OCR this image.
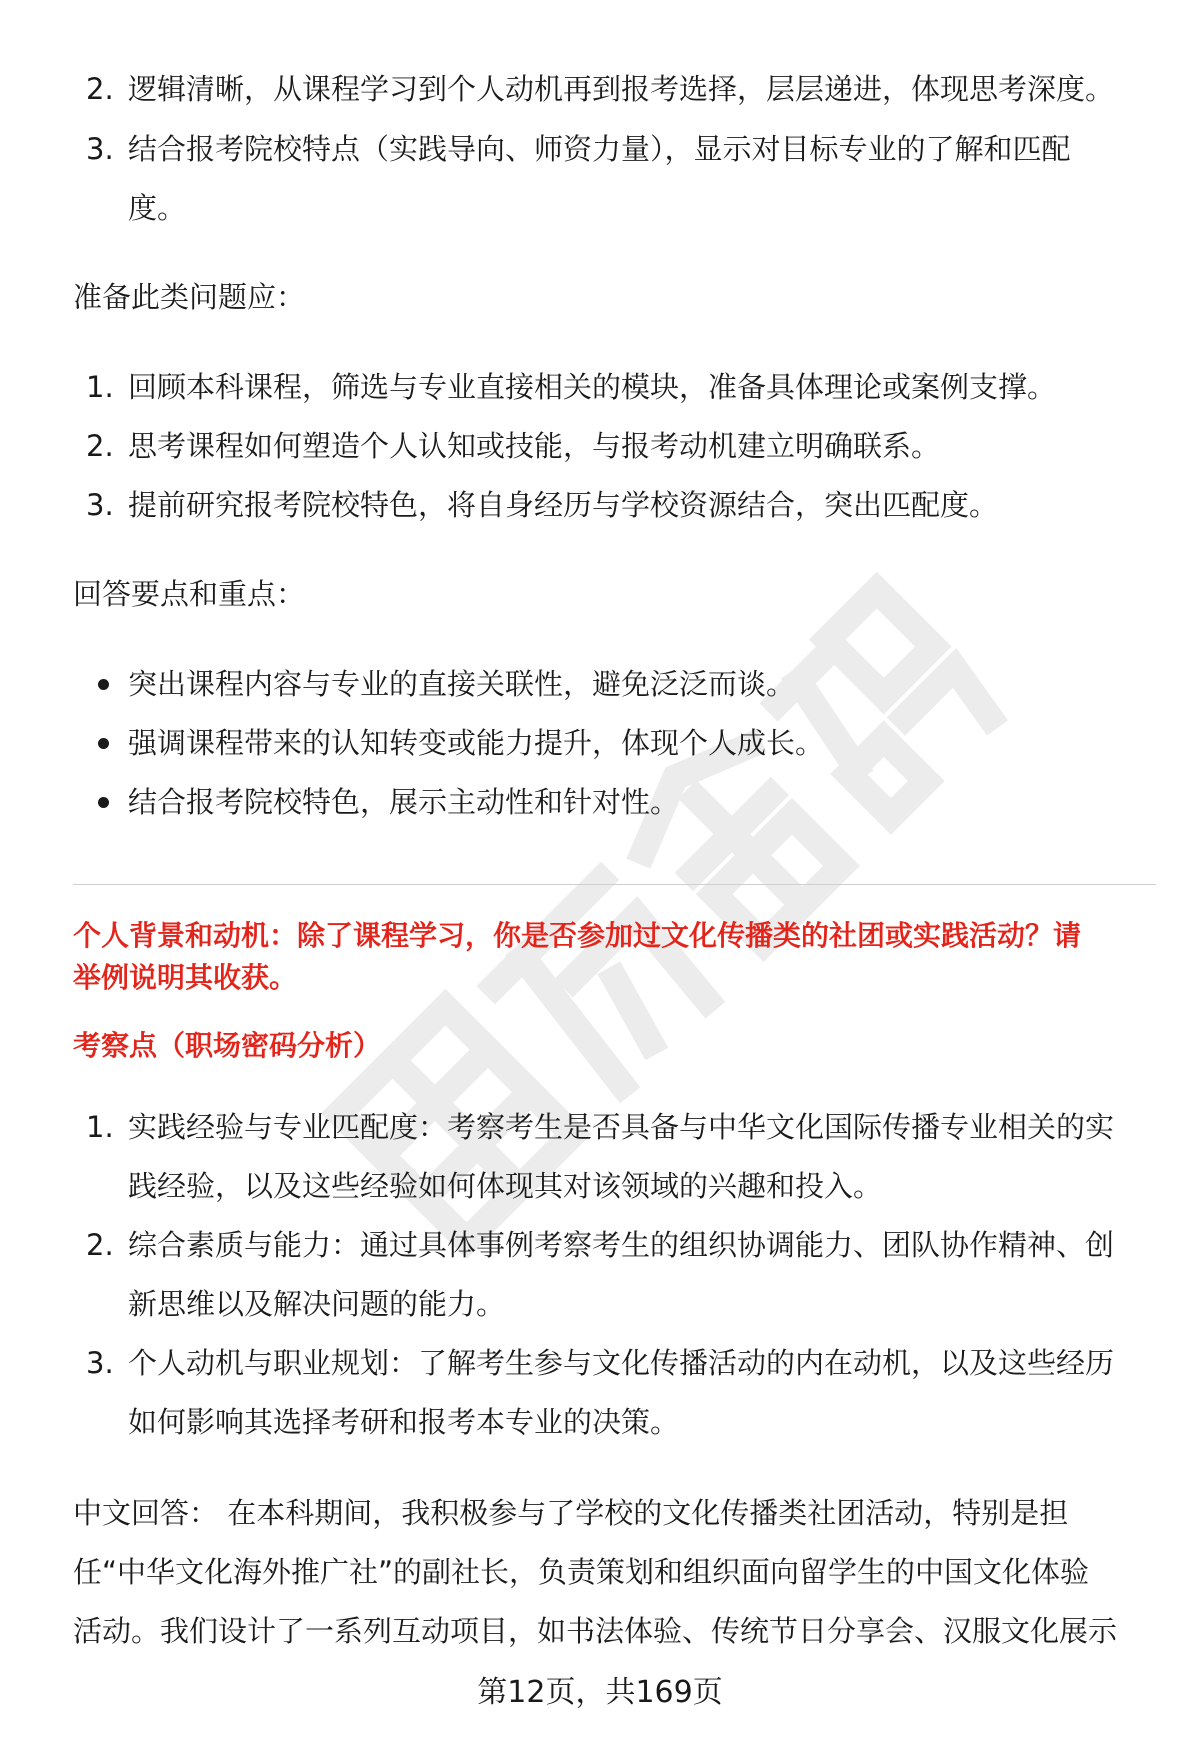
2. 逻辑清晰，从课程学习到个人动机再到报考选择，层层递进，体现思考深度。
3. 结合报考院校特点（实践导向、师资力量），显示对目标专业的了解和匹配
度。
准备此类问题应：
1. 回顾本科课程，筛选与专业直接相关的模块，准备具体理论或案例支撑。
2. 思考课程如何塑造个人认知或技能，与报考动机建立明确联系。
3. 提前研究报考院校特色，将自身经历与学校资源结合，突出匹配度。
回答要点和重点：
突出课程内容与专业的直接关联性，避免泛泛而谈。
强调课程带来的认知转变或能力提升，体现个人成长。
结合报考院校特色，展示主动性和针对性。
个人背景和动机：除了课程学习，你是否参加过文化传播类的社团或实践活动？请
举例说明其收获。
考察点（职场密码分析）
1. 实践经验与专业匹配度：考察考生是否具备与中华文化国际传播专业相关的实
践经验，以及这些经验如何体现其对该领域的兴趣和投入。
2. 综合素质与能力：通过具体事例考察考生的组织协调能力、团队协作精神、创
新思维以及解决问题的能力。
3. 个人动机与职业规划：了解考生参与文化传播活动的内在动机，以及这些经历
如何影响其选择考研和报考本专业的决策。
中文回答： 在本科期间，我积极参与了学校的文化传播类社团活动，特别是担
任“中华文化海外推广社”的副社长，负责策划和组织面向留学生的中国文化体验
活动。我们设计了一系列互动项目，如书法体验、传统节日分享会、汉服文化展示
第12页，共169页
